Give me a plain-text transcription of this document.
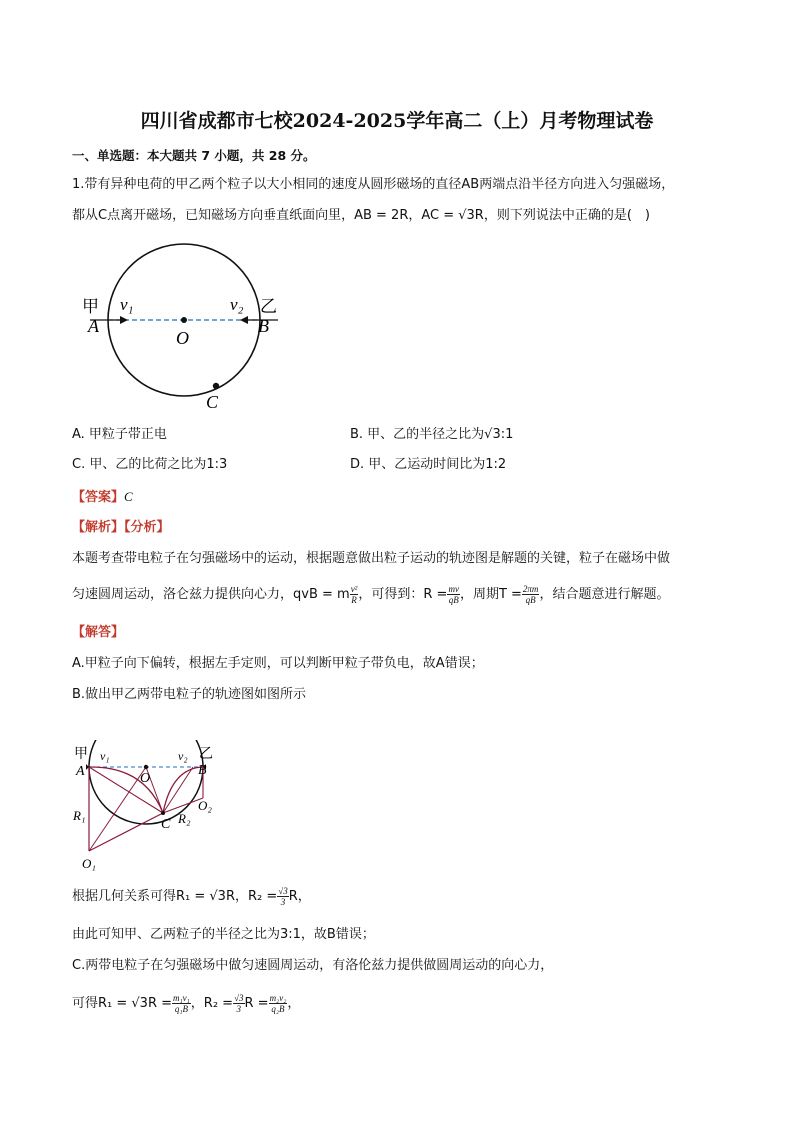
四川省成都市七校2024-2025学年高二（上）月考物理试卷
一、单选题：本大题共 7 小题，共 28 分。
1.带有异种电荷的甲乙两个粒子以大小相同的速度从圆形磁场的直径AB两端点沿半径方向进入匀强磁场，
都从C点离开磁场，已知磁场方向垂直纸面向里，AB = 2R，AC = √3R，则下列说法中正确的是(　)
甲	乙
A	B
O
C
v₁	v₂
A. 甲粒子带正电	B. 甲、乙的半径之比为√3:1
C. 甲、乙的比荷之比为1:3	D. 甲、乙运动时间比为1:2
【答案】C
【解析】【分析】
本题考查带电粒子在匀强磁场中的运动，根据题意做出粒子运动的轨迹图是解题的关键，粒子在磁场中做
匀速圆周运动，洛仑兹力提供向心力，qvB = m $\frac{\text{v²}}{R}$ ，可得到：$R = \frac{mv}{qB}$ ，周期$T = \frac{2\pi m}{qB}$ ，结合题意进行解题。
【解答】
A.甲粒子向下偏转，根据左手定则，可以判断甲粒子带负电，故A错误；
B.做出甲乙两带电粒子的轨迹图如图所示
甲	乙
A	B
O
C
v₁	v₂
R₁	R₂
O₁
O₂
根据几何关系可得R₁ = √3R，$R_2 = \frac{√3}{3}$ R，
由此可知甲、乙两粒子的半径之比为3:1，故B错误；
C.两带电粒子在匀强磁场中做匀速圆周运动，有洛伦兹力提供做圆周运动的向心力，
可得$R_1 = √3R = \frac{\text{m₁v₁}}{\text{q₁B}}$ ，$R_2 = \frac{√3}{3}$ $R = \frac{\text{m₂v₂}}{\text{q₂B}}$ ，
